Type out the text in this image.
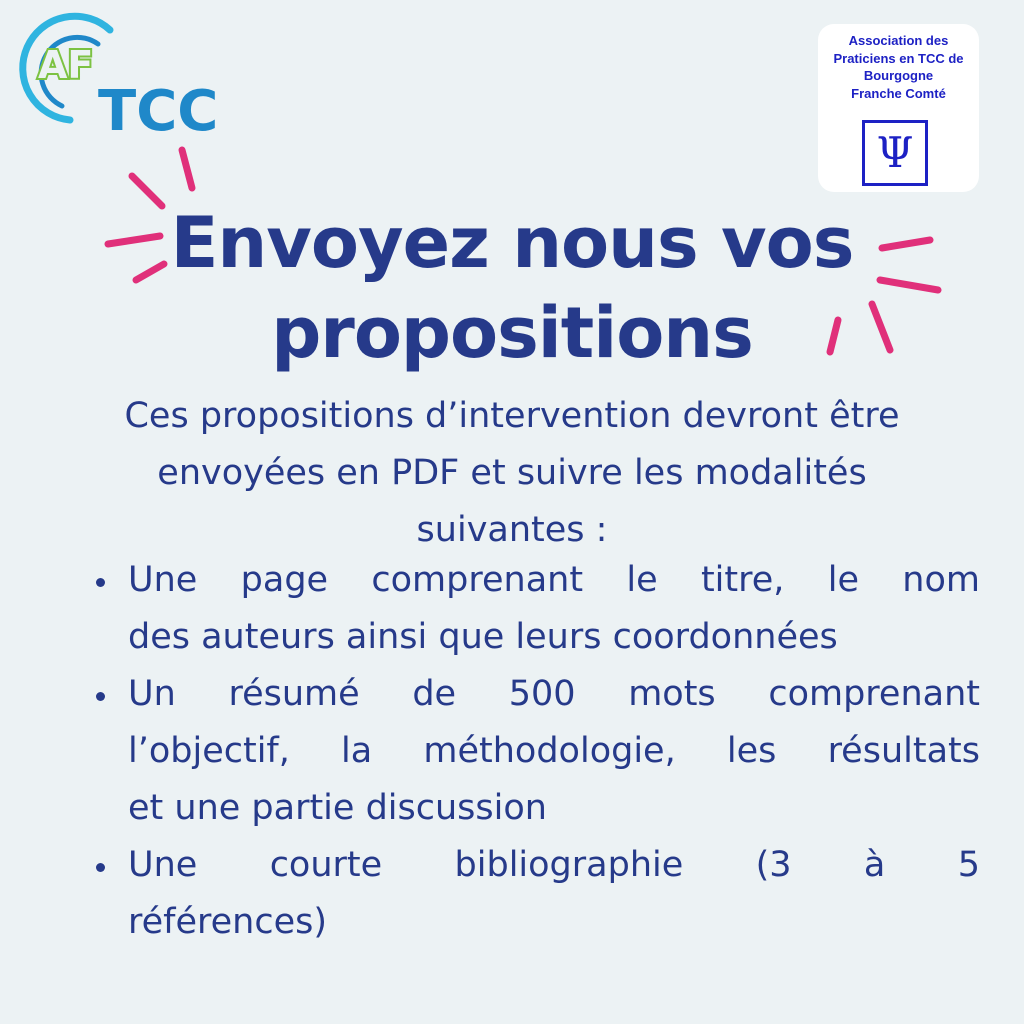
AF
TCC
Association des
Praticiens en TCC de
Bourgogne
Franche Comté
Ψ
Envoyez nous vos
propositions
Ces propositions d’intervention devront être
envoyées en PDF et suivre les modalités
suivantes :
Une page comprenant le titre, le nom
des auteurs ainsi que leurs coordonnées
Un résumé de 500 mots comprenant
l’objectif, la méthodologie, les résultats
et une partie discussion
Une courte bibliographie (3 à 5
références)
